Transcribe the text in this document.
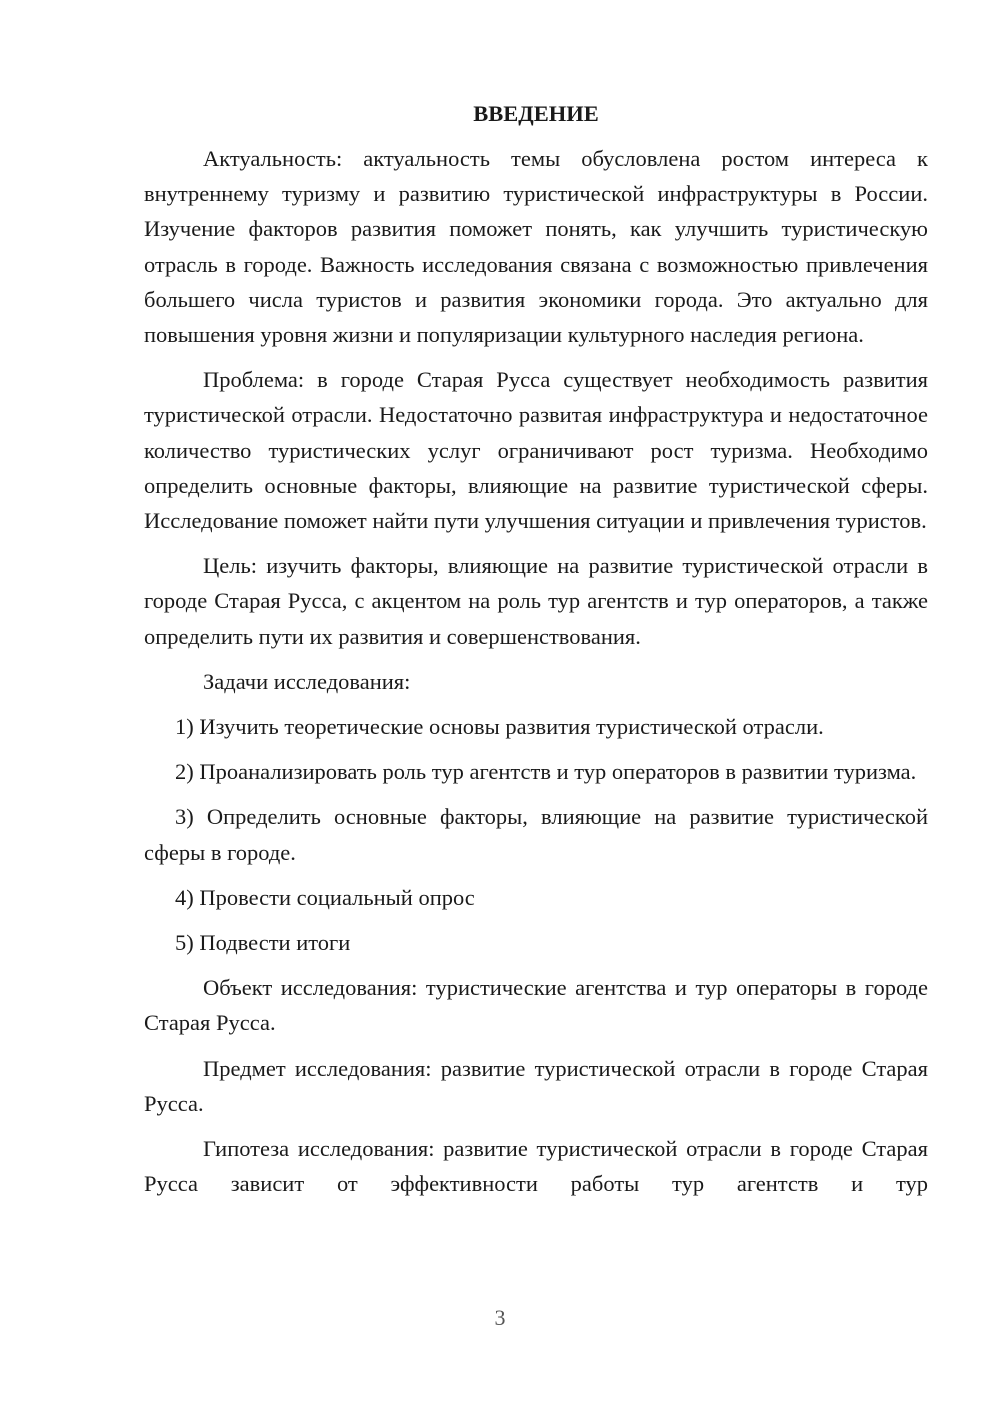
ВВЕДЕНИЕ

Актуальность: актуальность темы обусловлена ростом интереса к внутреннему туризму и развитию туристической инфраструктуры в России. Изучение факторов развития поможет понять, как улучшить туристическую отрасль в городе. Важность исследования связана с возможностью привлечения большего числа туристов и развития экономики города. Это актуально для повышения уровня жизни и популяризации культурного наследия региона.

Проблема: в городе Старая Русса существует необходимость развития туристической отрасли. Недостаточно развитая инфраструктура и недостаточное количество туристических услуг ограничивают рост туризма. Необходимо определить основные факторы, влияющие на развитие туристической сферы. Исследование поможет найти пути улучшения ситуации и привлечения туристов.

Цель: изучить факторы, влияющие на развитие туристической отрасли в городе Старая Русса, с акцентом на роль тур агентств и тур операторов, а также определить пути их развития и совершенствования.

Задачи исследования:

1) Изучить теоретические основы развития туристической отрасли.

2) Проанализировать роль тур агентств и тур операторов в развитии туризма.

3) Определить основные факторы, влияющие на развитие туристической сферы в городе.

4) Провести социальный опрос

5) Подвести итоги

Объект исследования: туристические агентства и тур операторы в городе Старая Русса.

Предмет исследования: развитие туристической отрасли в городе Старая Русса.

Гипотеза исследования: развитие туристической отрасли в городе Старая Русса зависит от эффективности работы тур агентств и тур

3
